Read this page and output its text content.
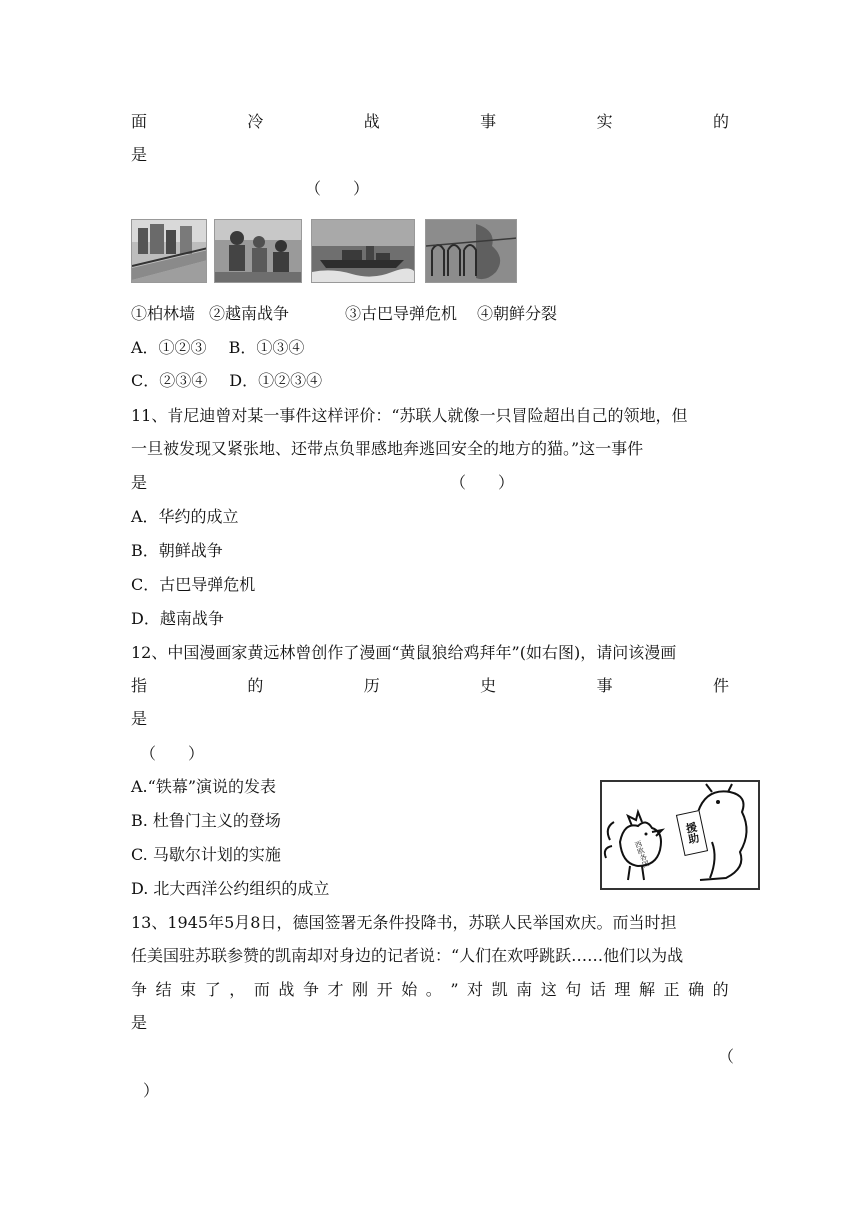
面	冷	战	事	实	的
是
（　　）
①柏林墙 ②越南战争	③古巴导弹危机 ④朝鲜分裂
A．①②③ B．①③④
C．②③④ D．①②③④
11、肯尼迪曾对某一事件这样评价：“苏联人就像一只冒险超出自己的领地，但
一旦被发现又紧张地、还带点负罪感地奔逃回安全的地方的猫。”这一事件
是	（　　）
A．华约的成立
B．朝鲜战争
C．古巴导弹危机
D．越南战争
12、中国漫画家黄远林曾创作了漫画“黄鼠狼给鸡拜年”(如右图)，请问该漫画
指	的	历	史	事	件
是
（　　）
A.“铁幕”演说的发表
B. 杜鲁门主义的登场
C. 马歇尔计划的实施
D. 北大西洋公约组织的成立
援助
西欧各国
13、1945年5月8日，德国签署无条件投降书，苏联人民举国欢庆。而当时担
任美国驻苏联参赞的凯南却对身边的记者说：“人们在欢呼跳跃……他们以为战
争 结 束 了 ， 而 战 争 才 刚 开 始 。 ” 对 凯 南 这 句 话 理 解 正 确 的
是
（
）
